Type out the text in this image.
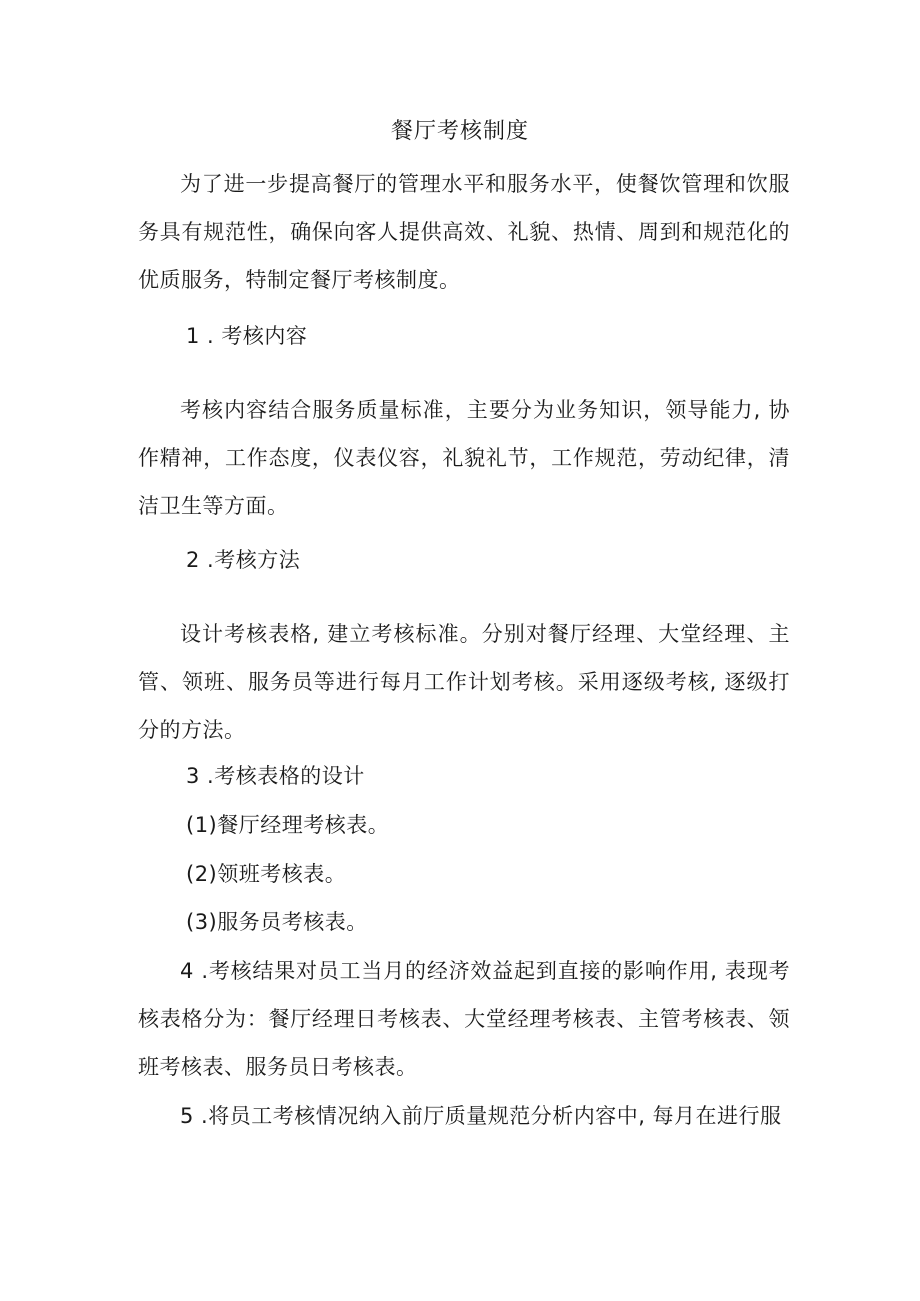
餐厅考核制度

为了进一步提高餐厅的管理水平和服务水平，使餐饮管理和饮服务具有规范性，确保向客人提供高效、礼貌、热情、周到和规范化的优质服务，特制定餐厅考核制度。

1 . 考核内容

考核内容结合服务质量标准，主要分为业务知识，领导能力, 协作精神，工作态度，仪表仪容，礼貌礼节，工作规范，劳动纪律，清洁卫生等方面。

2 .考核方法

设计考核表格, 建立考核标准。分别对餐厅经理、大堂经理、主管、领班、服务员等进行每月工作计划考核。采用逐级考核, 逐级打分的方法。

3 .考核表格的设计

(1)餐厅经理考核表。

(2)领班考核表。

(3)服务员考核表。

4 .考核结果对员工当月的经济效益起到直接的影响作用, 表现考核表格分为：餐厅经理日考核表、大堂经理考核表、主管考核表、领班考核表、服务员日考核表。

5 .将员工考核情况纳入前厅质量规范分析内容中, 每月在进行服
